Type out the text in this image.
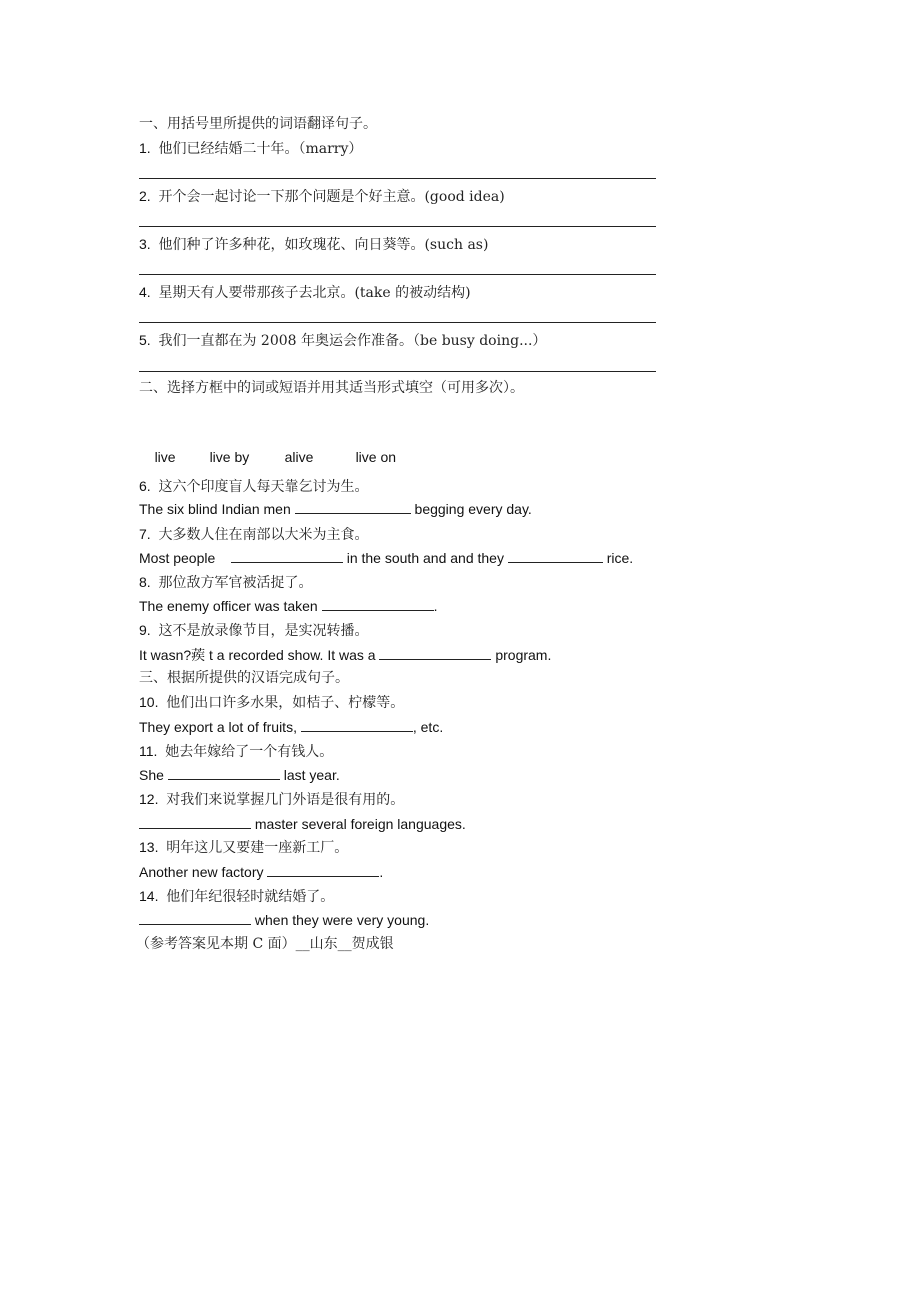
一、用括号里所提供的词语翻译句子。
1. 他们已经结婚二十年。（marry）
2. 开个会一起讨论一下那个问题是个好主意。(good idea)
3. 他们种了许多种花，如玫瑰花、向日葵等。(such as)
4. 星期天有人要带那孩子去北京。(take 的被动结构)
5. 我们一直都在为 2008 年奥运会作准备。（be busy doing...）
二、选择方框中的词或短语并用其适当形式填空（可用多次）。

live live by	alive	live on

6. 这六个印度盲人每天靠乞讨为生。
The six blind Indian men	begging every day.
7. 大多数人住在南部以大米为主食。
Most people	in the south and and they	rice.
8. 那位敌方军官被活捉了。
The enemy officer was taken	.
9. 这不是放录像节目，是实况转播。
It wasn?蒺 t a recorded show. It was a	program.
三、根据所提供的汉语完成句子。
10. 他们出口许多水果，如桔子、柠檬等。
They export a lot of fruits,	, etc.
11. 她去年嫁给了一个有钱人。
She	last year.
12. 对我们来说掌握几门外语是很有用的。
master several foreign languages.
13. 明年这儿又要建一座新工厂。
Another new factory	.
14. 他们年纪很轻时就结婚了。
when they were very young.
（参考答案见本期 C 面）__山东__贺成银
